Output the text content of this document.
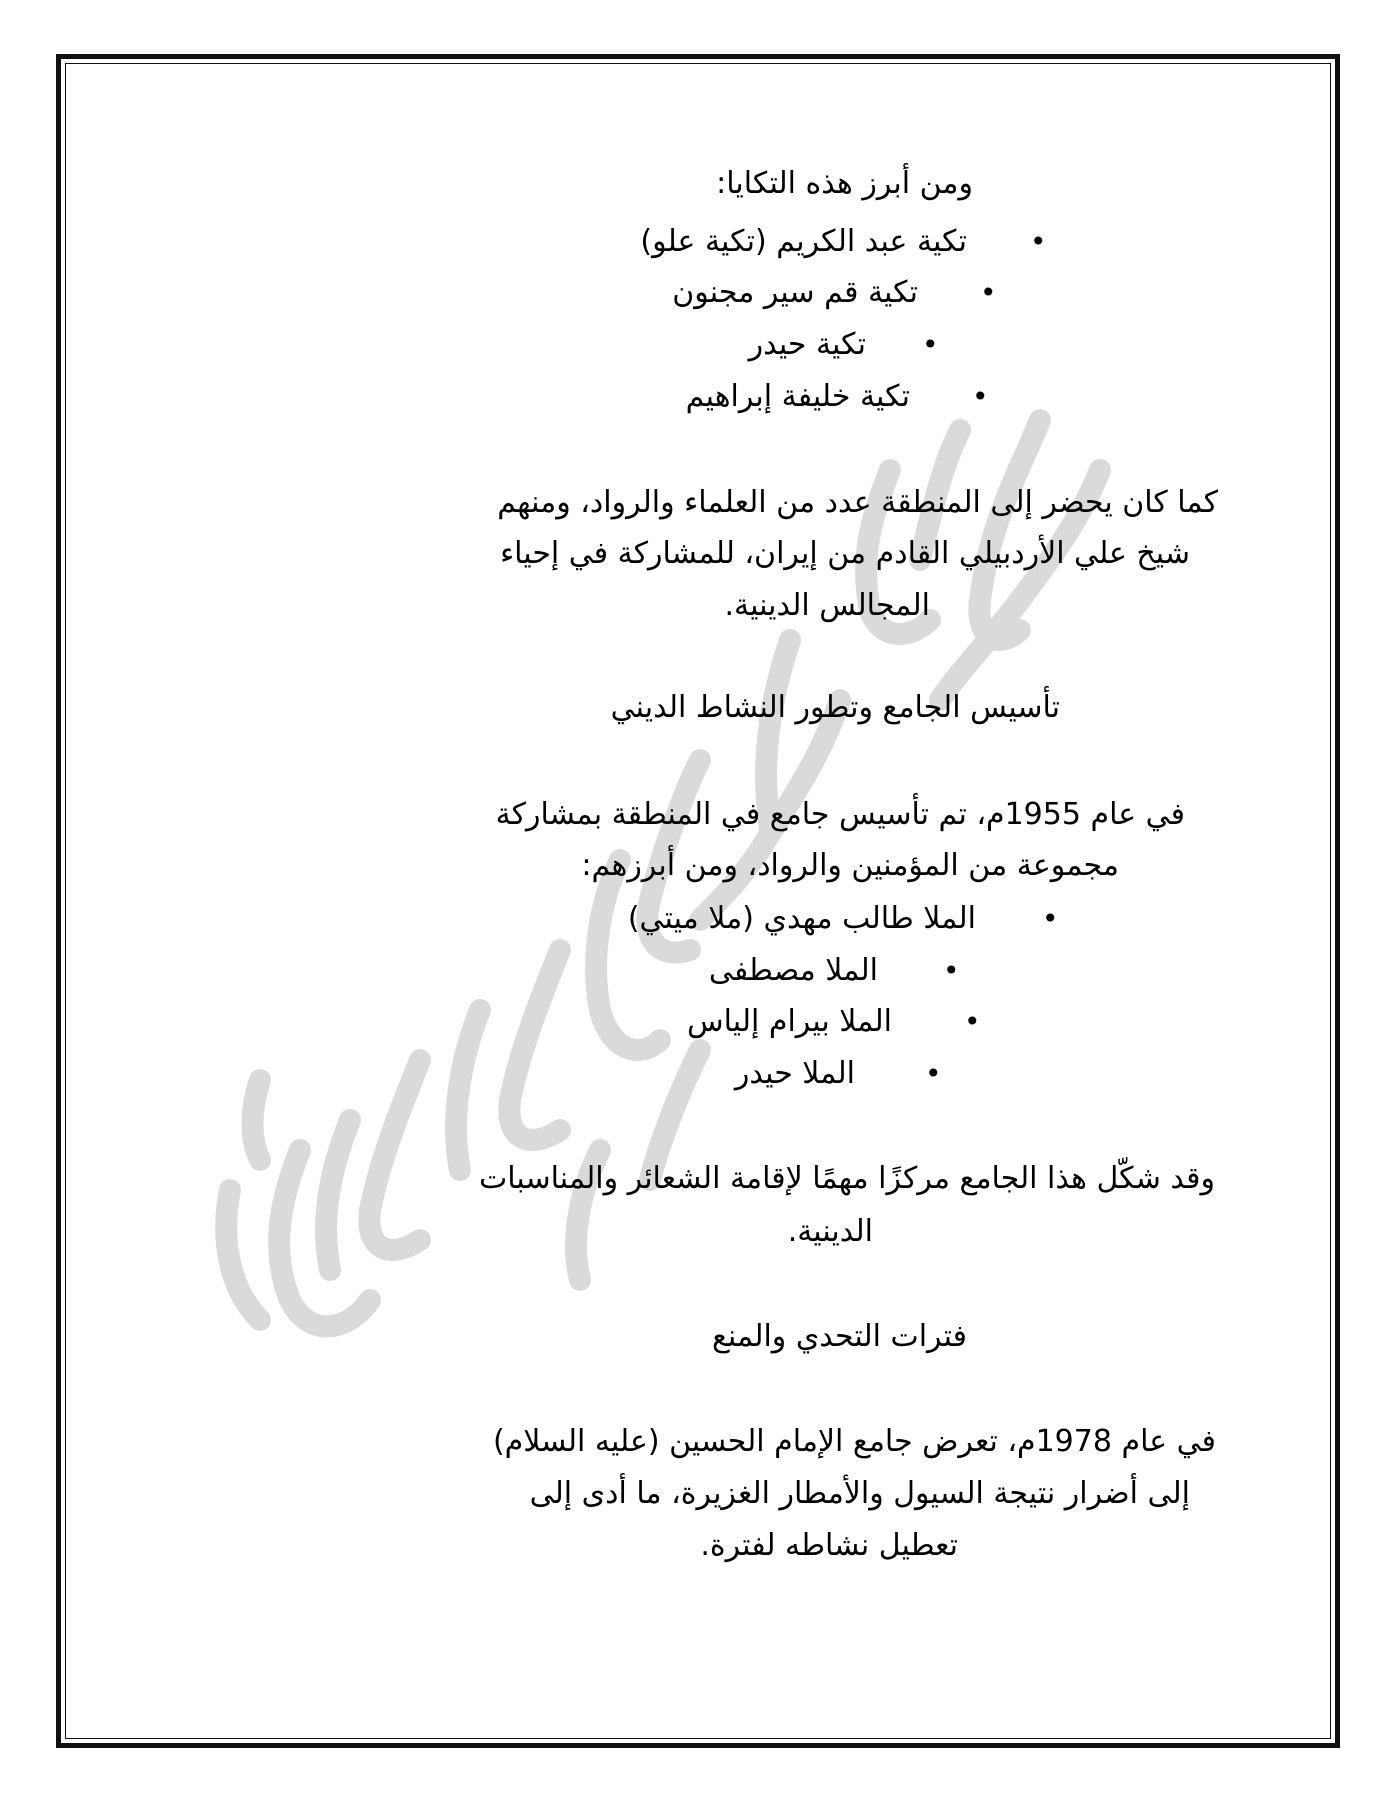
ومن أبرز هذه التكايا:
تكية عبد الكريم (تكية علو) •
تكية قم سير مجنون •
تكية حيدر •
تكية خليفة إبراهيم •
كما كان يحضر إلى المنطقة عدد من العلماء والرواد، ومنهم
شيخ علي الأردبيلي القادم من إيران، للمشاركة في إحياء
المجالس الدينية.
تأسيس الجامع وتطور النشاط الديني
في عام 1955م، تم تأسيس جامع في المنطقة بمشاركة
مجموعة من المؤمنين والرواد، ومن أبرزهم:
الملا طالب مهدي (ملا ميتي) •
الملا مصطفى •
الملا بيرام إلياس	•
الملا حيدر	•
وقد شكّل هذا الجامع مركزًا مهمًا لإقامة الشعائر والمناسبات
الدينية.
فترات التحدي والمنع
في عام 1978م، تعرض جامع الإمام الحسين (عليه السلام)
إلى أضرار نتيجة السيول والأمطار الغزيرة، ما أدى إلى
تعطيل نشاطه لفترة.
